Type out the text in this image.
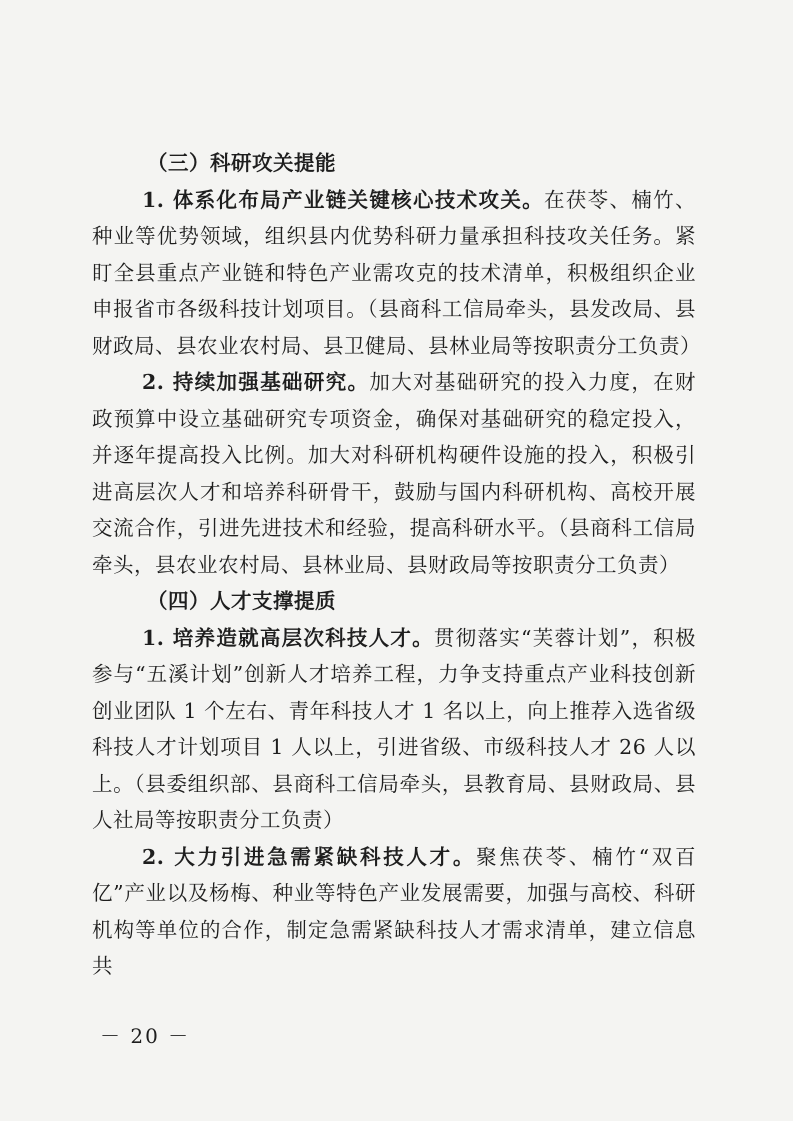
（三）科研攻关提能

1. 体系化布局产业链关键核心技术攻关。在茯苓、楠竹、种业等优势领域，组织县内优势科研力量承担科技攻关任务。紧盯全县重点产业链和特色产业需攻克的技术清单，积极组织企业申报省市各级科技计划项目。（县商科工信局牵头，县发改局、县财政局、县农业农村局、县卫健局、县林业局等按职责分工负责）

2. 持续加强基础研究。加大对基础研究的投入力度，在财政预算中设立基础研究专项资金，确保对基础研究的稳定投入，并逐年提高投入比例。加大对科研机构硬件设施的投入，积极引进高层次人才和培养科研骨干，鼓励与国内科研机构、高校开展交流合作，引进先进技术和经验，提高科研水平。（县商科工信局牵头，县农业农村局、县林业局、县财政局等按职责分工负责）

（四）人才支撑提质

1. 培养造就高层次科技人才。贯彻落实“芙蓉计划”，积极参与“五溪计划”创新人才培养工程，力争支持重点产业科技创新创业团队 1 个左右、青年科技人才 1 名以上，向上推荐入选省级科技人才计划项目 1 人以上，引进省级、市级科技人才 26 人以上。（县委组织部、县商科工信局牵头，县教育局、县财政局、县人社局等按职责分工负责）

2. 大力引进急需紧缺科技人才。聚焦茯苓、楠竹“双百亿”产业以及杨梅、种业等特色产业发展需要，加强与高校、科研机构等单位的合作，制定急需紧缺科技人才需求清单，建立信息共

－ 20 －
